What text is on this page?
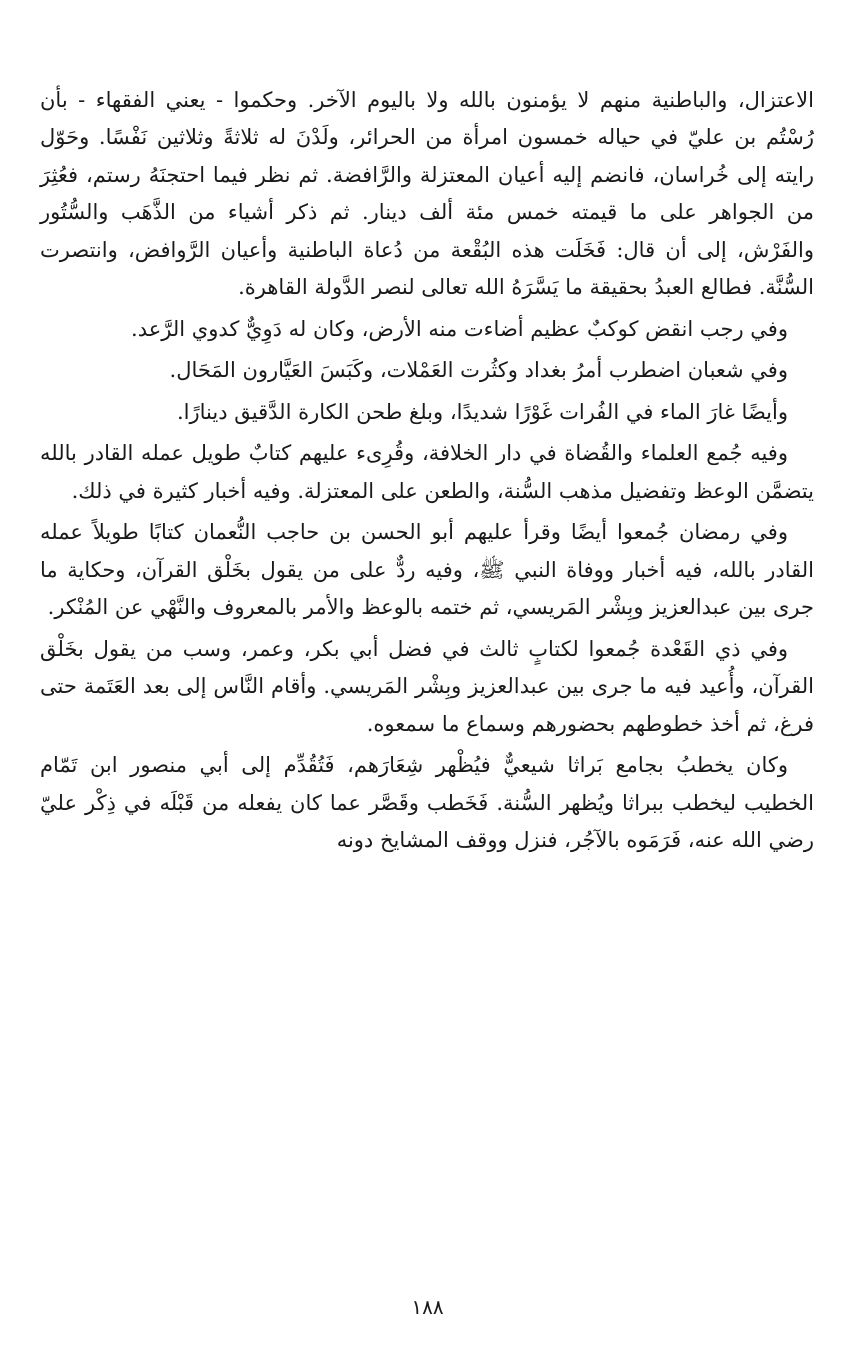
الاعتزال، والباطنية منهم لا يؤمنون بالله ولا باليوم الآخر. وحكموا - يعني الفقهاء - بأن رُسْتُم بن عليّ في حياله خمسون امرأة من الحرائر، ولَدْنَ له ثلاثةً وثلاثين نَفْسًا. وحَوّل رايته إلى خُراسان، فانضم إليه أعيان المعتزلة والرَّافضة. ثم نظر فيما احتجنَهُ رستم، فعُثِرَ من الجواهر على ما قيمته خمس مئة ألف دينار. ثم ذكر أشياء من الذَّهَب والسُّتُور والفَرْش، إلى أن قال: فَخَلَت هذه البُقْعة من دُعاة الباطنية وأعيان الرَّوافض، وانتصرت السُّنَّة. فطالع العبدُ بحقيقة ما يَسَّرَهُ الله تعالى لنصر الدَّولة القاهرة.

وفي رجب انقض كوكبٌ عظيم أضاءت منه الأرض، وكان له دَوِيٌّ كدوي الرَّعد.

وفي شعبان اضطرب أمرُ بغداد وكثُرت العَمْلات، وكَبَسَ العَيَّارون المَحَال.

وأيضًا غارَ الماء في الفُرات غَوْرًا شديدًا، وبلغ طحن الكارة الدَّقيق دينارًا.

وفيه جُمع العلماء والقُضاة في دار الخلافة، وقُرِىء عليهم كتابٌ طويل عمله القادر بالله يتضمَّن الوعظ وتفضيل مذهب السُّنة، والطعن على المعتزلة. وفيه أخبار كثيرة في ذلك.

وفي رمضان جُمعوا أيضًا وقرأ عليهم أبو الحسن بن حاجب النُّعمان كتابًا طويلاً عمله القادر بالله، فيه أخبار ووفاة النبي ﷺ، وفيه ردٌّ على من يقول بخَلْق القرآن، وحكاية ما جرى بين عبدالعزيز وبِشْر المَريسي، ثم ختمه بالوعظ والأمر بالمعروف والنَّهْي عن المُنْكر.

وفي ذي القَعْدة جُمعوا لكتابٍ ثالث في فضل أبي بكر، وعمر، وسب من يقول بخَلْق القرآن، وأُعيد فيه ما جرى بين عبدالعزيز وبِشْر المَريسي. وأقام النَّاس إلى بعد العَتَمة حتى فرغ، ثم أخذ خطوطهم بحضورهم وسماع ما سمعوه.

وكان يخطبُ بجامع بَراثا شيعيٌّ فيُظْهر شِعَارَهم، فَتُقُدِّم إلى أبي منصور ابن تَمّام الخطيب ليخطب ببراثا ويُظهر السُّنة. فَخَطب وقَصَّر عما كان يفعله من قَبْلَه في ذِكْر عليّ رضي الله عنه، فَرَمَوه بالآجُر، فنزل ووقف المشايخ دونه

١٨٨
